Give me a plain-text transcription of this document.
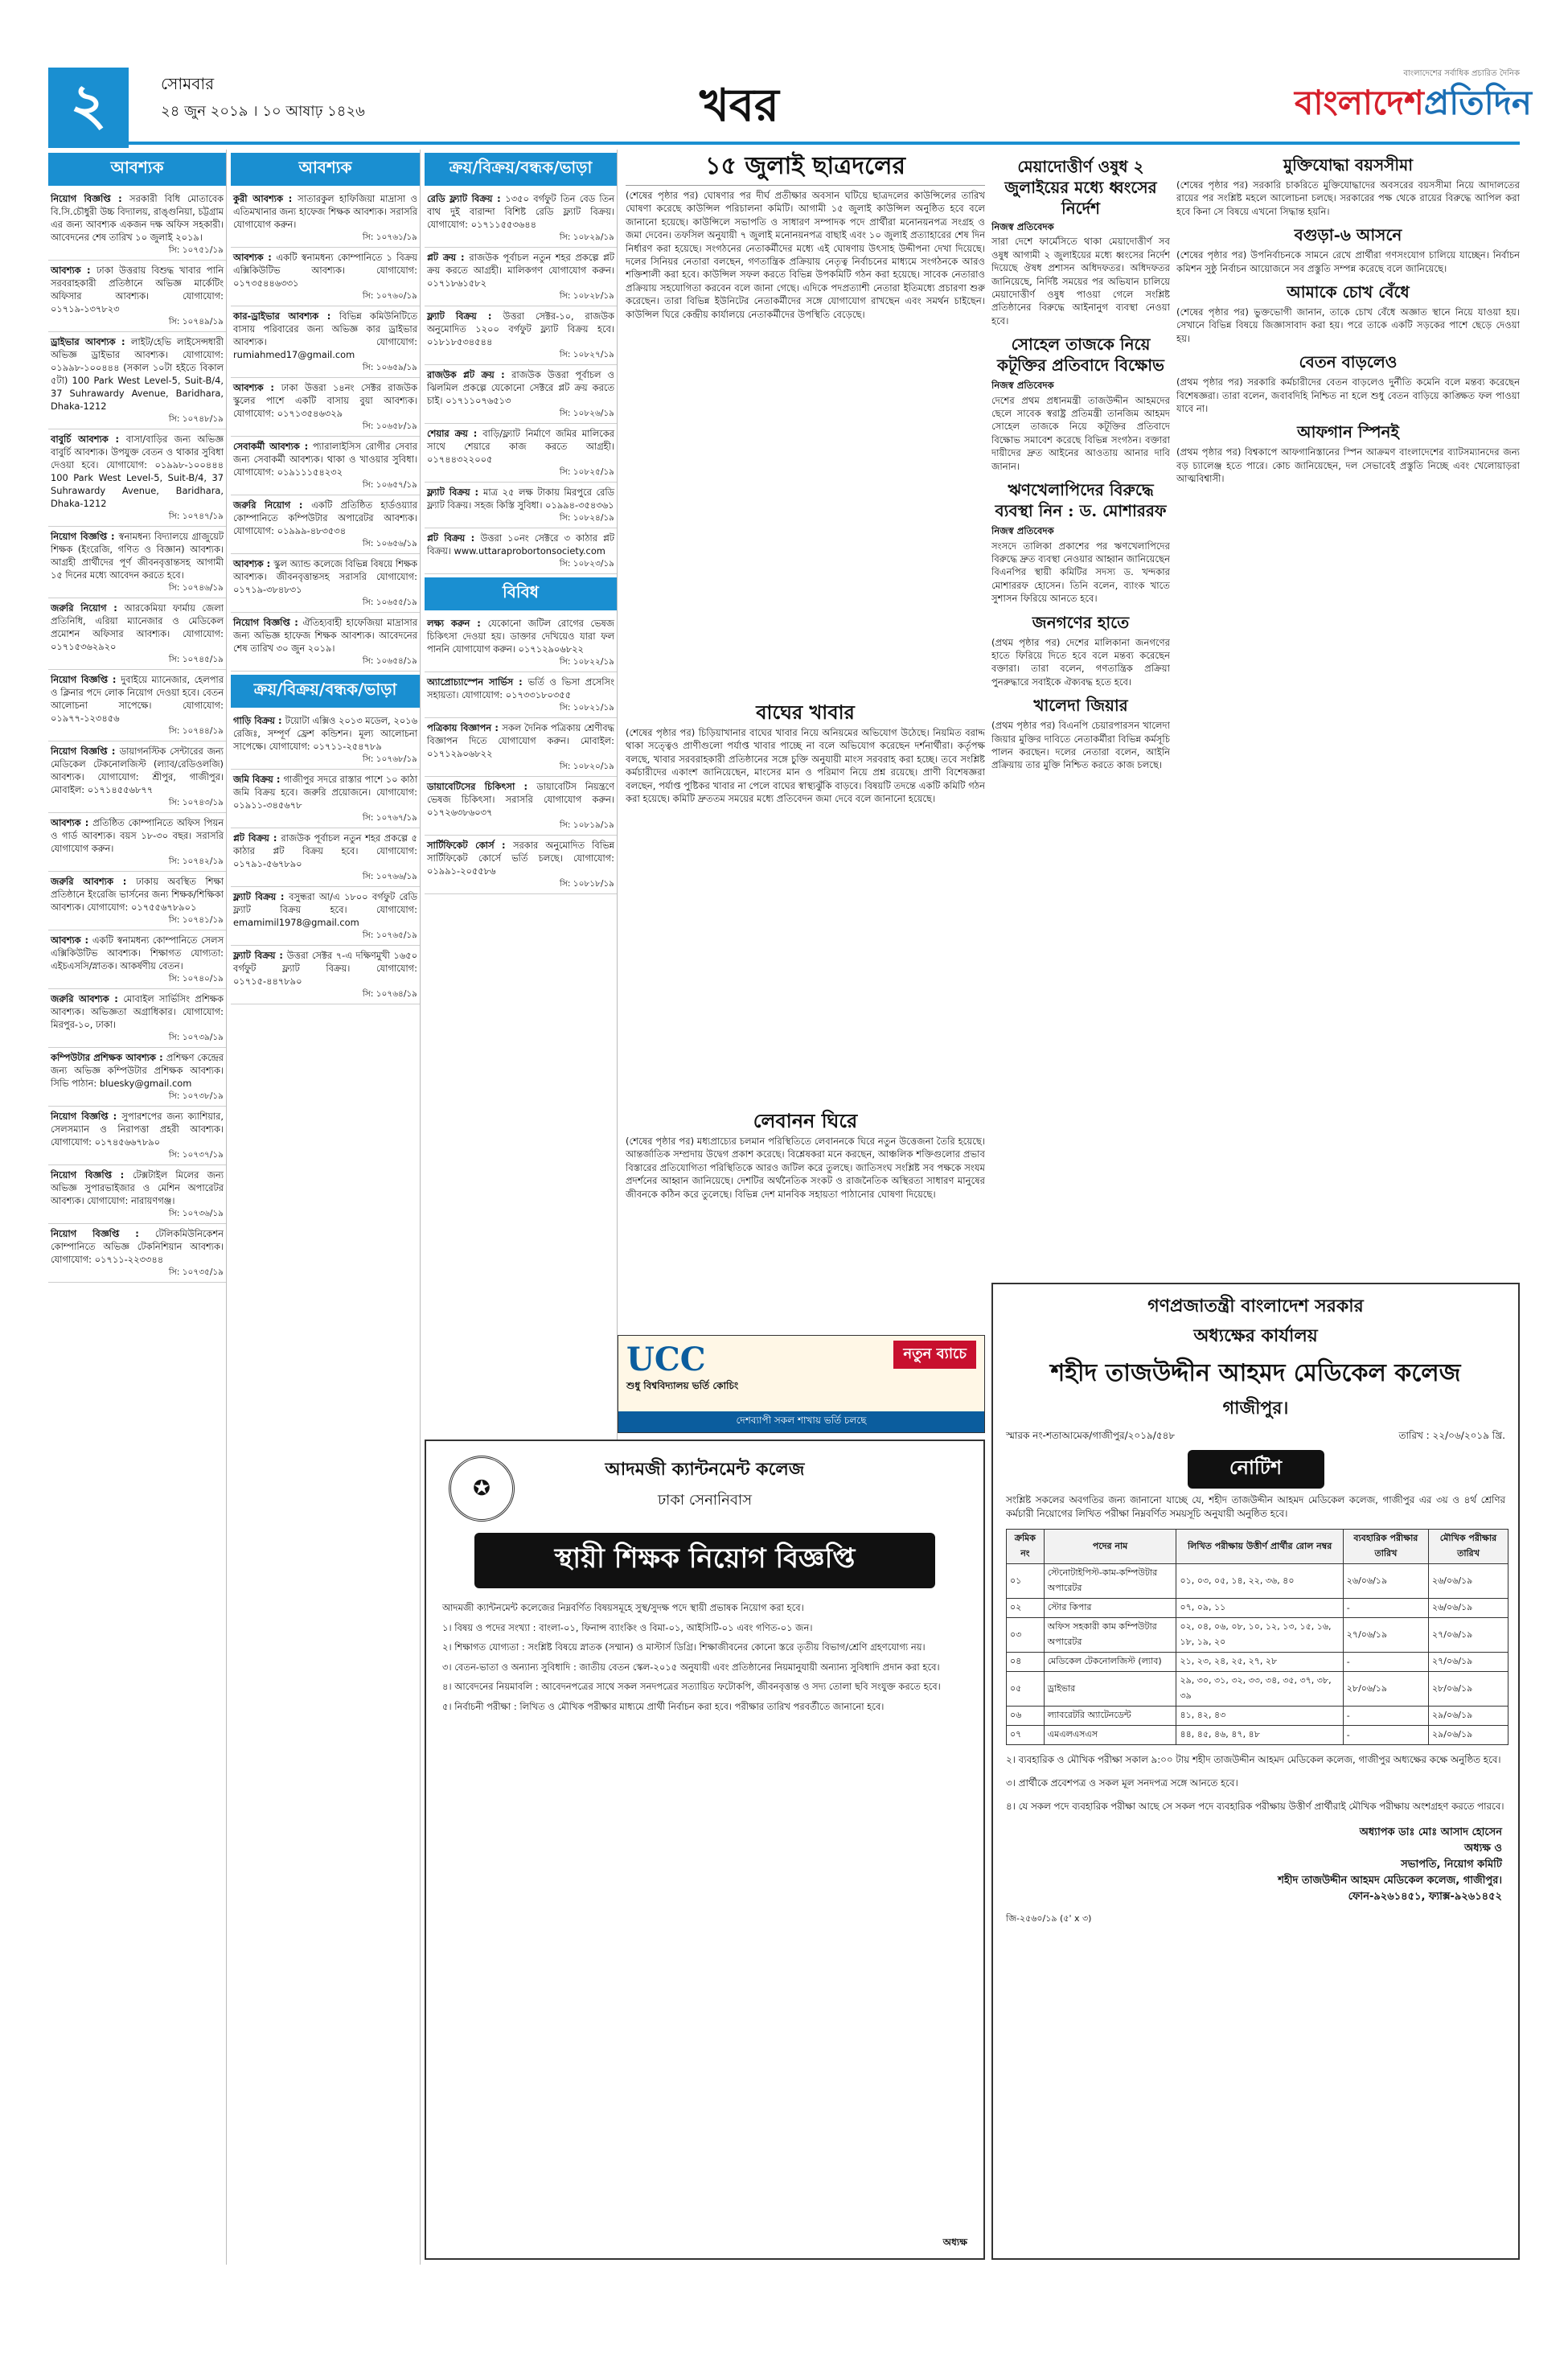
২	সোমবার
২৪ জুন ২০১৯ । ১০ আষাঢ় ১৪২৬	খবর
বাংলাদেশের সর্বাধিক প্রচারিত দৈনিক
বাংলাদেশপ্রতিদিন
আবশ্যক
নিয়োগ বিজ্ঞপ্তি : সরকারী বিধি মোতাবেক বি.সি.চৌধুরী উচ্চ বিদ্যালয়, রাঙ্গুনিয়া, চট্টগ্রাম এর জন্য আবশ্যক একজন দক্ষ অফিস সহকারী। আবেদনের শেষ তারিখ ১০ জুলাই ২০১৯।
সি: ১০৭৫১/১৯
আবশ্যক : ঢাকা উত্তরায় বিশুদ্ধ খাবার পানি সরবরাহকারী প্রতিষ্ঠানে অভিজ্ঞ মার্কেটিং অফিসার আবশ্যক। যোগাযোগ: ০১৭১৯-১৩৭৮২৩
সি: ১০৭৪৯/১৯
ড্রাইভার আবশ্যক : লাইট/হেভি লাইসেন্সধারী অভিজ্ঞ ড্রাইভার আবশ্যক। যোগাযোগ: ০১৯৯৮-১০০৪৪৪ (সকাল ১০টা হইতে বিকাল ৫টা) 100 Park West Level-5, Suit-B/4, 37 Suhrawardy Avenue, Baridhara, Dhaka-1212
সি: ১০৭৪৮/১৯
বাবুর্চি আবশ্যক : বাসা/বাড়ির জন্য অভিজ্ঞ বাবুর্চি আবশ্যক। উপযুক্ত বেতন ও থাকার সুবিধা দেওয়া হবে। যোগাযোগ: ০১৯৯৮-১০০৪৪৪ 100 Park West Level-5, Suit-B/4, 37 Suhrawardy Avenue, Baridhara, Dhaka-1212
সি: ১০৭৪৭/১৯
নিয়োগ বিজ্ঞপ্তি : স্বনামধন্য বিদ্যালয়ে গ্রাজুয়েট শিক্ষক (ইংরেজি, গণিত ও বিজ্ঞান) আবশ্যক। আগ্রহী প্রার্থীদের পূর্ণ জীবনবৃত্তান্তসহ আগামী ১৫ দিনের মধ্যে আবেদন করতে হবে।
সি: ১০৭৪৬/১৯
জরুরি নিয়োগ : আরকেমিয়া ফার্মায় জেলা প্রতিনিধি, এরিয়া ম্যানেজার ও মেডিকেল প্রমোশন অফিসার আবশ্যক। যোগাযোগ: ০১৭১৫৩৬২৯২০
সি: ১০৭৪৫/১৯
নিয়োগ বিজ্ঞপ্তি : দুবাইয়ে ম্যানেজার, হেলপার ও ক্লিনার পদে লোক নিয়োগ দেওয়া হবে। বেতন আলোচনা সাপেক্ষে। যোগাযোগ: ০১৯৭৭-১২৩৪৫৬
সি: ১০৭৪৪/১৯
নিয়োগ বিজ্ঞপ্তি : ডায়াগনস্টিক সেন্টারের জন্য মেডিকেল টেকনোলজিস্ট (ল্যাব/রেডিওলজি) আবশ্যক। যোগাযোগ: শ্রীপুর, গাজীপুর। মোবাইল: ০১৭১৪৫৫৬৮৭৭
সি: ১০৭৪৩/১৯
আবশ্যক : প্রতিষ্ঠিত কোম্পানিতে অফিস পিয়ন ও গার্ড আবশ্যক। বয়স ১৮-৩০ বছর। সরাসরি যোগাযোগ করুন।
সি: ১০৭৪২/১৯
জরুরি আবশ্যক : ঢাকায় অবস্থিত শিক্ষা প্রতিষ্ঠানে ইংরেজি ভার্সনের জন্য শিক্ষক/শিক্ষিকা আবশ্যক। যোগাযোগ: ০১৭৫৫৬৭৮৯০১
সি: ১০৭৪১/১৯
আবশ্যক : একটি স্বনামধন্য কোম্পানিতে সেলস এক্সিকিউটিভ আবশ্যক। শিক্ষাগত যোগ্যতা: এইচএসসি/স্নাতক। আকর্ষণীয় বেতন।
সি: ১০৭৪০/১৯
জরুরি আবশ্যক : মোবাইল সার্ভিসিং প্রশিক্ষক আবশ্যক। অভিজ্ঞতা অগ্রাধিকার। যোগাযোগ: মিরপুর-১০, ঢাকা।
সি: ১০৭৩৯/১৯
কম্পিউটার প্রশিক্ষক আবশ্যক : প্রশিক্ষণ কেন্দ্রের জন্য অভিজ্ঞ কম্পিউটার প্রশিক্ষক আবশ্যক। সিভি পাঠান: bluesky@gmail.com
সি: ১০৭৩৮/১৯
নিয়োগ বিজ্ঞপ্তি : সুপারশপের জন্য ক্যাশিয়ার, সেলসম্যান ও নিরাপত্তা প্রহরী আবশ্যক। যোগাযোগ: ০১৭৪৫৬৬৭৮৯০
সি: ১০৭৩৭/১৯
নিয়োগ বিজ্ঞপ্তি : টেক্সটাইল মিলের জন্য অভিজ্ঞ সুপারভাইজার ও মেশিন অপারেটর আবশ্যক। যোগাযোগ: নারায়ণগঞ্জ।
সি: ১০৭৩৬/১৯
নিয়োগ বিজ্ঞপ্তি : টেলিকমিউনিকেশন কোম্পানিতে অভিজ্ঞ টেকনিশিয়ান আবশ্যক। যোগাযোগ: ০১৭১১-২২৩৩৪৪
সি: ১০৭৩৫/১৯
আবশ্যক
কুরী আবশ্যক : সাতারকুল হাফিজিয়া মাদ্রাসা ও এতিমখানার জন্য হাফেজ শিক্ষক আবশ্যক। সরাসরি যোগাযোগ করুন।
সি: ১০৭৬১/১৯
আবশ্যক : একটি স্বনামধন্য কোম্পানিতে ১ বিক্রয় এক্সিকিউটিভ আবশ্যক। যোগাযোগ: ০১৭৩৫৪৪৬৩৩১
সি: ১০৭৬০/১৯
কার-ড্রাইভার আবশ্যক : বিভিন্ন কমিউনিটিতে বাসায় পরিবারের জন্য অভিজ্ঞ কার ড্রাইভার আবশ্যক। যোগাযোগ: rumiahmed17@gmail.com
সি: ১০৬৫৯/১৯
আবশ্যক : ঢাকা উত্তরা ১৪নং সেক্টর রাজউক স্কুলের পাশে একটি বাসায় বুয়া আবশ্যক। যোগাযোগ: ০১৭১৩৫৪৬৩২৯
সি: ১০৬৫৮/১৯
সেবাকর্মী আবশ্যক : প্যারালাইসিস রোগীর সেবার জন্য সেবাকর্মী আবশ্যক। থাকা ও খাওয়ার সুবিধা। যোগাযোগ: ০১৯১১১৫৪২৩২
সি: ১০৬৫৭/১৯
জরুরি নিয়োগ : একটি প্রতিষ্ঠিত হার্ডওয়্যার কোম্পানিতে কম্পিউটার অপারেটর আবশ্যক। যোগাযোগ: ০১৯৯৯-৪৮৩৫৩৪
সি: ১০৬৫৬/১৯
আবশ্যক : স্কুল অ্যান্ড কলেজে বিভিন্ন বিষয়ে শিক্ষক আবশ্যক। জীবনবৃত্তান্তসহ সরাসরি যোগাযোগ: ০১৭১৯-৩৮৪৮৩১
সি: ১০৬৫৫/১৯
নিয়োগ বিজ্ঞপ্তি : ঐতিহ্যবাহী হাফেজিয়া মাদ্রাসার জন্য অভিজ্ঞ হাফেজ শিক্ষক আবশ্যক। আবেদনের শেষ তারিখ ৩০ জুন ২০১৯।
সি: ১০৬৫৪/১৯
ক্রয়/বিক্রয়/বন্ধক/ভাড়া
গাড়ি বিক্রয় : টয়োটা এক্সিও ২০১৩ মডেল, ২০১৬ রেজিঃ, সম্পূর্ণ ফ্রেশ কন্ডিশন। মূল্য আলোচনা সাপেক্ষে। যোগাযোগ: ০১৭১১-২৫৪৭৮৯
সি: ১০৭৬৮/১৯
জমি বিক্রয় : গাজীপুর সদরে রাস্তার পাশে ১০ কাঠা জমি বিক্রয় হবে। জরুরি প্রয়োজনে। যোগাযোগ: ০১৯১১-৩৪৫৬৭৮
সি: ১০৭৬৭/১৯
প্লট বিক্রয় : রাজউক পূর্বাচল নতুন শহর প্রকল্পে ৫ কাঠার প্লট বিক্রয় হবে। যোগাযোগ: ০১৭৯১-৫৬৭৮৯০
সি: ১০৭৬৬/১৯
ফ্ল্যাট বিক্রয় : বসুন্ধরা আ/এ ১৮০০ বর্গফুট রেডি ফ্ল্যাট বিক্রয় হবে। যোগাযোগ: emamimil1978@gmail.com
সি: ১০৭৬৫/১৯
ফ্ল্যাট বিক্রয় : উত্তরা সেক্টর ৭-এ দক্ষিণমুখী ১৬৫০ বর্গফুট ফ্ল্যাট বিক্রয়। যোগাযোগ: ০১৭১৫-৪৪৭৮৯০
সি: ১০৭৬৪/১৯
ক্রয়/বিক্রয়/বন্ধক/ভাড়া
রেডি ফ্ল্যাট বিক্রয় : ১৩৫০ বর্গফুট তিন বেড তিন বাথ দুই বারান্দা বিশিষ্ট রেডি ফ্ল্যাট বিক্রয়। যোগাযোগ: ০১৭১১৫৫৩৬৪৪
সি: ১০৮২৯/১৯
প্লট ক্রয় : রাজউক পূর্বাচল নতুন শহর প্রকল্পে প্লট ক্রয় করতে আগ্রহী। মালিকগণ যোগাযোগ করুন। ০১৭১৮৬১৫৮২
সি: ১০৮২৮/১৯
ফ্ল্যাট বিক্রয় : উত্তরা সেক্টর-১০, রাজউক অনুমোদিত ১২০০ বর্গফুট ফ্ল্যাট বিক্রয় হবে। ০১৮১৮৫৩৪৫৪৪
সি: ১০৮২৭/১৯
রাজউক প্লট ক্রয় : রাজউক উত্তরা পূর্বাচল ও ঝিলমিল প্রকল্পে যেকোনো সেক্টরে প্লট ক্রয় করতে চাই। ০১৭১১০৭৬৫১৩
সি: ১০৮২৬/১৯
শেয়ার ক্রয় : বাড়ি/ফ্ল্যাট নির্মাণে জমির মালিকের সাথে শেয়ারে কাজ করতে আগ্রহী। ০১৭৪৪৩২২০০৫
সি: ১০৮২৫/১৯
ফ্ল্যাট বিক্রয় : মাত্র ২৫ লক্ষ টাকায় মিরপুরে রেডি ফ্ল্যাট বিক্রয়। সহজ কিস্তি সুবিধা। ০১৯৯৪-৩৫৪৩৬১
সি: ১০৮২৪/১৯
প্লট বিক্রয় : উত্তরা ১০নং সেক্টরে ৩ কাঠার প্লট বিক্রয়। www.uttaraprobortonsociety.com
সি: ১০৮২৩/১৯
বিবিধ
লক্ষ্য করুন : যেকোনো জটিল রোগের ভেষজ চিকিৎসা দেওয়া হয়। ডাক্তার দেখিয়েও যারা ফল পাননি যোগাযোগ করুন। ০১৭১২৯০৬৮২২
সি: ১০৮২২/১৯
অ্যাপ্রোচ্যাস্পেন সার্ভিস : ভর্তি ও ভিসা প্রসেসিং সহায়তা। যোগাযোগ: ০১৭৩৩১৮০৩৫৫
সি: ১০৮২১/১৯
পত্রিকায় বিজ্ঞাপন : সকল দৈনিক পত্রিকায় শ্রেণীবদ্ধ বিজ্ঞাপন দিতে যোগাযোগ করুন। মোবাইল: ০১৭১২৯০৬৮২২
সি: ১০৮২০/১৯
ডায়াবেটিসের চিকিৎসা : ডায়াবেটিস নিয়ন্ত্রণে ভেষজ চিকিৎসা। সরাসরি যোগাযোগ করুন। ০১৭২৬৩৮৬০৩৭
সি: ১০৮১৯/১৯
সার্টিফিকেট কোর্স : সরকার অনুমোদিত বিভিন্ন সার্টিফিকেট কোর্সে ভর্তি চলছে। যোগাযোগ: ০১৯৯১-২০৫৫৮৬
সি: ১০৮১৮/১৯
১৫ জুলাই ছাত্রদলের
(শেষের পৃষ্ঠার পর) ঘোষণার পর দীর্ঘ প্রতীক্ষার অবসান ঘটিয়ে ছাত্রদলের কাউন্সিলের তারিখ ঘোষণা করেছে কাউন্সিল পরিচালনা কমিটি। আগামী ১৫ জুলাই কাউন্সিল অনুষ্ঠিত হবে বলে জানানো হয়েছে। কাউন্সিলে সভাপতি ও সাধারণ সম্পাদক পদে প্রার্থীরা মনোনয়নপত্র সংগ্রহ ও জমা দেবেন। তফসিল অনুযায়ী ৭ জুলাই মনোনয়নপত্র বাছাই এবং ১০ জুলাই প্রত্যাহারের শেষ দিন নির্ধারণ করা হয়েছে। সংগঠনের নেতাকর্মীদের মধ্যে এই ঘোষণায় উৎসাহ উদ্দীপনা দেখা দিয়েছে। দলের সিনিয়র নেতারা বলছেন, গণতান্ত্রিক প্রক্রিয়ায় নেতৃত্ব নির্বাচনের মাধ্যমে সংগঠনকে আরও শক্তিশালী করা হবে। কাউন্সিল সফল করতে বিভিন্ন উপকমিটি গঠন করা হয়েছে। সাবেক নেতারাও প্রক্রিয়ায় সহযোগিতা করবেন বলে জানা গেছে। এদিকে পদপ্রত্যাশী নেতারা ইতিমধ্যে প্রচারণা শুরু করেছেন। তারা বিভিন্ন ইউনিটের নেতাকর্মীদের সঙ্গে যোগাযোগ রাখছেন এবং সমর্থন চাইছেন। কাউন্সিল ঘিরে কেন্দ্রীয় কার্যালয়ে নেতাকর্মীদের উপস্থিতি বেড়েছে।
বাঘের খাবার
(শেষের পৃষ্ঠার পর) চিড়িয়াখানার বাঘের খাবার নিয়ে অনিয়মের অভিযোগ উঠেছে। নিয়মিত বরাদ্দ থাকা সত্ত্বেও প্রাণীগুলো পর্যাপ্ত খাবার পাচ্ছে না বলে অভিযোগ করেছেন দর্শনার্থীরা। কর্তৃপক্ষ বলছে, খাবার সরবরাহকারী প্রতিষ্ঠানের সঙ্গে চুক্তি অনুযায়ী মাংস সরবরাহ করা হচ্ছে। তবে সংশ্লিষ্ট কর্মচারীদের একাংশ জানিয়েছেন, মাংসের মান ও পরিমাণ নিয়ে প্রশ্ন রয়েছে। প্রাণী বিশেষজ্ঞরা বলছেন, পর্যাপ্ত পুষ্টিকর খাবার না পেলে বাঘের স্বাস্থ্যঝুঁকি বাড়বে। বিষয়টি তদন্তে একটি কমিটি গঠন করা হয়েছে। কমিটি দ্রুততম সময়ের মধ্যে প্রতিবেদন জমা দেবে বলে জানানো হয়েছে।
লেবানন ঘিরে
(শেষের পৃষ্ঠার পর) মধ্যপ্রাচ্যের চলমান পরিস্থিতিতে লেবাননকে ঘিরে নতুন উত্তেজনা তৈরি হয়েছে। আন্তর্জাতিক সম্প্রদায় উদ্বেগ প্রকাশ করেছে। বিশ্লেষকরা মনে করছেন, আঞ্চলিক শক্তিগুলোর প্রভাব বিস্তারের প্রতিযোগিতা পরিস্থিতিকে আরও জটিল করে তুলছে। জাতিসংঘ সংশ্লিষ্ট সব পক্ষকে সংযম প্রদর্শনের আহ্বান জানিয়েছে। দেশটির অর্থনৈতিক সংকট ও রাজনৈতিক অস্থিরতা সাধারণ মানুষের জীবনকে কঠিন করে তুলেছে। বিভিন্ন দেশ মানবিক সহায়তা পাঠানোর ঘোষণা দিয়েছে।
মেয়াদোত্তীর্ণ ওষুধ ২ জুলাইয়ের মধ্যে ধ্বংসের নির্দেশ
নিজস্ব প্রতিবেদক
সারা দেশে ফার্মেসিতে থাকা মেয়াদোত্তীর্ণ সব ওষুধ আগামী ২ জুলাইয়ের মধ্যে ধ্বংসের নির্দেশ দিয়েছে ঔষধ প্রশাসন অধিদফতর। অধিদফতর জানিয়েছে, নির্দিষ্ট সময়ের পর অভিযান চালিয়ে মেয়াদোত্তীর্ণ ওষুধ পাওয়া গেলে সংশ্লিষ্ট প্রতিষ্ঠানের বিরুদ্ধে আইনানুগ ব্যবস্থা নেওয়া হবে।
সোহেল তাজকে নিয়ে কটূক্তির প্রতিবাদে বিক্ষোভ
নিজস্ব প্রতিবেদক
দেশের প্রথম প্রধানমন্ত্রী তাজউদ্দীন আহমদের ছেলে সাবেক স্বরাষ্ট্র প্রতিমন্ত্রী তানজিম আহমদ সোহেল তাজকে নিয়ে কটূক্তির প্রতিবাদে বিক্ষোভ সমাবেশ করেছে বিভিন্ন সংগঠন। বক্তারা দায়ীদের দ্রুত আইনের আওতায় আনার দাবি জানান।
ঋণখেলাপিদের বিরুদ্ধে ব্যবস্থা নিন : ড. মোশাররফ
নিজস্ব প্রতিবেদক
সংসদে তালিকা প্রকাশের পর ঋণখেলাপিদের বিরুদ্ধে দ্রুত ব্যবস্থা নেওয়ার আহ্বান জানিয়েছেন বিএনপির স্থায়ী কমিটির সদস্য ড. খন্দকার মোশাররফ হোসেন। তিনি বলেন, ব্যাংক খাতে সুশাসন ফিরিয়ে আনতে হবে।
জনগণের হাতে
(প্রথম পৃষ্ঠার পর) দেশের মালিকানা জনগণের হাতে ফিরিয়ে দিতে হবে বলে মন্তব্য করেছেন বক্তারা। তারা বলেন, গণতান্ত্রিক প্রক্রিয়া পুনরুদ্ধারে সবাইকে ঐক্যবদ্ধ হতে হবে।
খালেদা জিয়ার
(প্রথম পৃষ্ঠার পর) বিএনপি চেয়ারপারসন খালেদা জিয়ার মুক্তির দাবিতে নেতাকর্মীরা বিভিন্ন কর্মসূচি পালন করছেন। দলের নেতারা বলেন, আইনি প্রক্রিয়ায় তার মুক্তি নিশ্চিত করতে কাজ চলছে।
মুক্তিযোদ্ধা বয়সসীমা
(শেষের পৃষ্ঠার পর) সরকারি চাকরিতে মুক্তিযোদ্ধাদের অবসরের বয়সসীমা নিয়ে আদালতের রায়ের পর সংশ্লিষ্ট মহলে আলোচনা চলছে। সরকারের পক্ষ থেকে রায়ের বিরুদ্ধে আপিল করা হবে কিনা সে বিষয়ে এখনো সিদ্ধান্ত হয়নি।
বগুড়া-৬ আসনে
(শেষের পৃষ্ঠার পর) উপনির্বাচনকে সামনে রেখে প্রার্থীরা গণসংযোগ চালিয়ে যাচ্ছেন। নির্বাচন কমিশন সুষ্ঠু নির্বাচন আয়োজনে সব প্রস্তুতি সম্পন্ন করেছে বলে জানিয়েছে।
আমাকে চোখ বেঁধে
(শেষের পৃষ্ঠার পর) ভুক্তভোগী জানান, তাকে চোখ বেঁধে অজ্ঞাত স্থানে নিয়ে যাওয়া হয়। সেখানে বিভিন্ন বিষয়ে জিজ্ঞাসাবাদ করা হয়। পরে তাকে একটি সড়কের পাশে ছেড়ে দেওয়া হয়।
বেতন বাড়লেও
(প্রথম পৃষ্ঠার পর) সরকারি কর্মচারীদের বেতন বাড়লেও দুর্নীতি কমেনি বলে মন্তব্য করেছেন বিশেষজ্ঞরা। তারা বলেন, জবাবদিহি নিশ্চিত না হলে শুধু বেতন বাড়িয়ে কাঙ্ক্ষিত ফল পাওয়া যাবে না।
আফগান স্পিনই
(প্রথম পৃষ্ঠার পর) বিশ্বকাপে আফগানিস্তানের স্পিন আক্রমণ বাংলাদেশের ব্যাটসম্যানদের জন্য বড় চ্যালেঞ্জ হতে পারে। কোচ জানিয়েছেন, দল সেভাবেই প্রস্তুতি নিচ্ছে এবং খেলোয়াড়রা আত্মবিশ্বাসী।
UCC
শুধু বিশ্ববিদ্যালয় ভর্তি কোচিং
নতুন ব্যাচে
দেশব্যাপী সকল শাখায় ভর্তি চলছে
✪
আদমজী ক্যান্টনমেন্ট কলেজ
ঢাকা সেনানিবাস
স্থায়ী শিক্ষক নিয়োগ বিজ্ঞপ্তি
আদমজী ক্যান্টনমেন্ট কলেজের নিম্নবর্ণিত বিষয়সমূহে সুস্থ/সুদক্ষ পদে স্থায়ী প্রভাষক নিয়োগ করা হবে।
১। বিষয় ও পদের সংখ্যা : বাংলা-০১, ফিনান্স ব্যাংকিং ও বিমা-০১, আইসিটি-০১ এবং গণিত-০১ জন।
২। শিক্ষাগত যোগ্যতা : সংশ্লিষ্ট বিষয়ে স্নাতক (সম্মান) ও মাস্টার্স ডিগ্রি। শিক্ষাজীবনের কোনো স্তরে তৃতীয় বিভাগ/শ্রেণি গ্রহণযোগ্য নয়।
৩। বেতন-ভাতা ও অন্যান্য সুবিধাদি : জাতীয় বেতন স্কেল-২০১৫ অনুযায়ী এবং প্রতিষ্ঠানের নিয়মানুযায়ী অন্যান্য সুবিধাদি প্রদান করা হবে।
৪। আবেদনের নিয়মাবলি : আবেদনপত্রের সাথে সকল সনদপত্রের সত্যায়িত ফটোকপি, জীবনবৃত্তান্ত ও সদ্য তোলা ছবি সংযুক্ত করতে হবে।
৫। নির্বাচনী পরীক্ষা : লিখিত ও মৌখিক পরীক্ষার মাধ্যমে প্রার্থী নির্বাচন করা হবে। পরীক্ষার তারিখ পরবর্তীতে জানানো হবে।
অধ্যক্ষ
গণপ্রজাতন্ত্রী বাংলাদেশ সরকার
অধ্যক্ষের কার্যালয়
শহীদ তাজউদ্দীন আহমদ মেডিকেল কলেজ
গাজীপুর।
স্মারক নং-শতাআমেক/গাজীপুর/২০১৯/৫৪৮	তারিখ : ২২/০৬/২০১৯ খ্রি.
নোটিশ
সংশ্লিষ্ট সকলের অবগতির জন্য জানানো যাচ্ছে যে, শহীদ তাজউদ্দীন আহমদ মেডিকেল কলেজ, গাজীপুর এর ৩য় ও ৪র্থ শ্রেণির কর্মচারী নিয়োগের লিখিত পরীক্ষা নিম্নবর্ণিত সময়সূচি অনুযায়ী অনুষ্ঠিত হবে।
ক্রমিক নং	পদের নাম	লিখিত পরীক্ষায় উত্তীর্ণ প্রার্থীর রোল নম্বর	ব্যবহারিক পরীক্ষার তারিখ	মৌখিক পরীক্ষার তারিখ
০১	স্টেনোটাইপিস্ট-কাম-কম্পিউটার অপারেটর	০১, ০৩, ০৫, ১৪, ২২, ৩৬, ৪০	২৬/০৬/১৯	২৬/০৬/১৯
০২	স্টোর কিপার	০৭, ০৯, ১১	-	২৬/০৬/১৯
০৩	অফিস সহকারী কাম কম্পিউটার অপারেটর	০২, ০৪, ০৬, ০৮, ১০, ১২, ১৩, ১৫, ১৬, ১৮, ১৯, ২০	২৭/০৬/১৯	২৭/০৬/১৯
০৪	মেডিকেল টেকনোলজিস্ট (ল্যাব)	২১, ২৩, ২৪, ২৫, ২৭, ২৮	-	২৭/০৬/১৯
০৫	ড্রাইভার	২৯, ৩০, ৩১, ৩২, ৩৩, ৩৪, ৩৫, ৩৭, ৩৮, ৩৯	২৮/০৬/১৯	২৮/০৬/১৯
০৬	ল্যাবরেটরি অ্যাটেনডেন্ট	৪১, ৪২, ৪৩	-	২৯/০৬/১৯
০৭	এমএলএসএস	৪৪, ৪৫, ৪৬, ৪৭, ৪৮	-	২৯/০৬/১৯
২। ব্যবহারিক ও মৌখিক পরীক্ষা সকাল ৯:০০ টায় শহীদ তাজউদ্দীন আহমদ মেডিকেল কলেজ, গাজীপুর অধ্যক্ষের কক্ষে অনুষ্ঠিত হবে।
৩। প্রার্থীকে প্রবেশপত্র ও সকল মূল সনদপত্র সঙ্গে আনতে হবে।
৪। যে সকল পদে ব্যবহারিক পরীক্ষা আছে সে সকল পদে ব্যবহারিক পরীক্ষায় উত্তীর্ণ প্রার্থীরাই মৌখিক পরীক্ষায় অংশগ্রহণ করতে পারবে।
অধ্যাপক ডাঃ মোঃ আসাদ হোসেন
অধ্যক্ষ ও
সভাপতি, নিয়োগ কমিটি
শহীদ তাজউদ্দীন আহমদ মেডিকেল কলেজ, গাজীপুর।
ফোন-৯২৬১৪৫১, ফ্যাক্স-৯২৬১৪৫২
জি-২৫৬০/১৯ (৫' x ৩)
